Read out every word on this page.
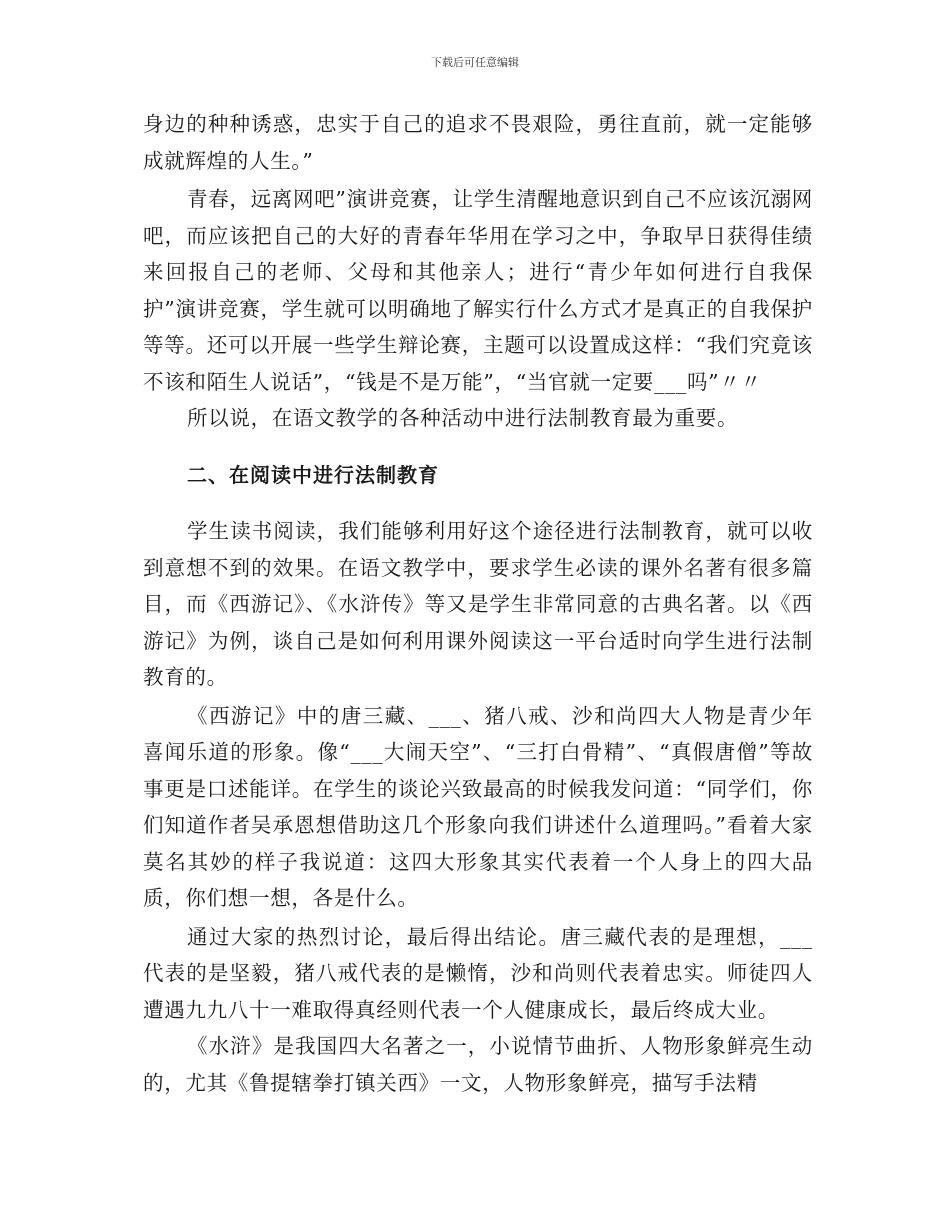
下载后可任意编辑

身边的种种诱惑，忠实于自己的追求不畏艰险，勇往直前，就一定能够成就辉煌的人生。”

青春，远离网吧”演讲竞赛，让学生清醒地意识到自己不应该沉溺网吧，而应该把自己的大好的青春年华用在学习之中，争取早日获得佳绩来回报自己的老师、父母和其他亲人；进行“青少年如何进行自我保护”演讲竞赛，学生就可以明确地了解实行什么方式才是真正的自我保护等等。还可以开展一些学生辩论赛，主题可以设置成这样：“我们究竟该不该和陌生人说话”，“钱是不是万能”，“当官就一定要___吗”〃〃

所以说，在语文教学的各种活动中进行法制教育最为重要。

二、在阅读中进行法制教育

学生读书阅读，我们能够利用好这个途径进行法制教育，就可以收到意想不到的效果。在语文教学中，要求学生必读的课外名著有很多篇目，而《西游记》、《水浒传》等又是学生非常同意的古典名著。以《西游记》为例，谈自己是如何利用课外阅读这一平台适时向学生进行法制教育的。

《西游记》中的唐三藏、___、猪八戒、沙和尚四大人物是青少年喜闻乐道的形象。像“___大闹天空”、“三打白骨精”、“真假唐僧”等故事更是口述能详。在学生的谈论兴致最高的时候我发问道：“同学们，你们知道作者吴承恩想借助这几个形象向我们讲述什么道理吗。”看着大家莫名其妙的样子我说道：这四大形象其实代表着一个人身上的四大品质，你们想一想，各是什么。

通过大家的热烈讨论，最后得出结论。唐三藏代表的是理想，___代表的是坚毅，猪八戒代表的是懒惰，沙和尚则代表着忠实。师徒四人遭遇九九八十一难取得真经则代表一个人健康成长，最后终成大业。

《水浒》是我国四大名著之一，小说情节曲折、人物形象鲜亮生动的，尤其《鲁提辖拳打镇关西》一文，人物形象鲜亮，描写手法精
